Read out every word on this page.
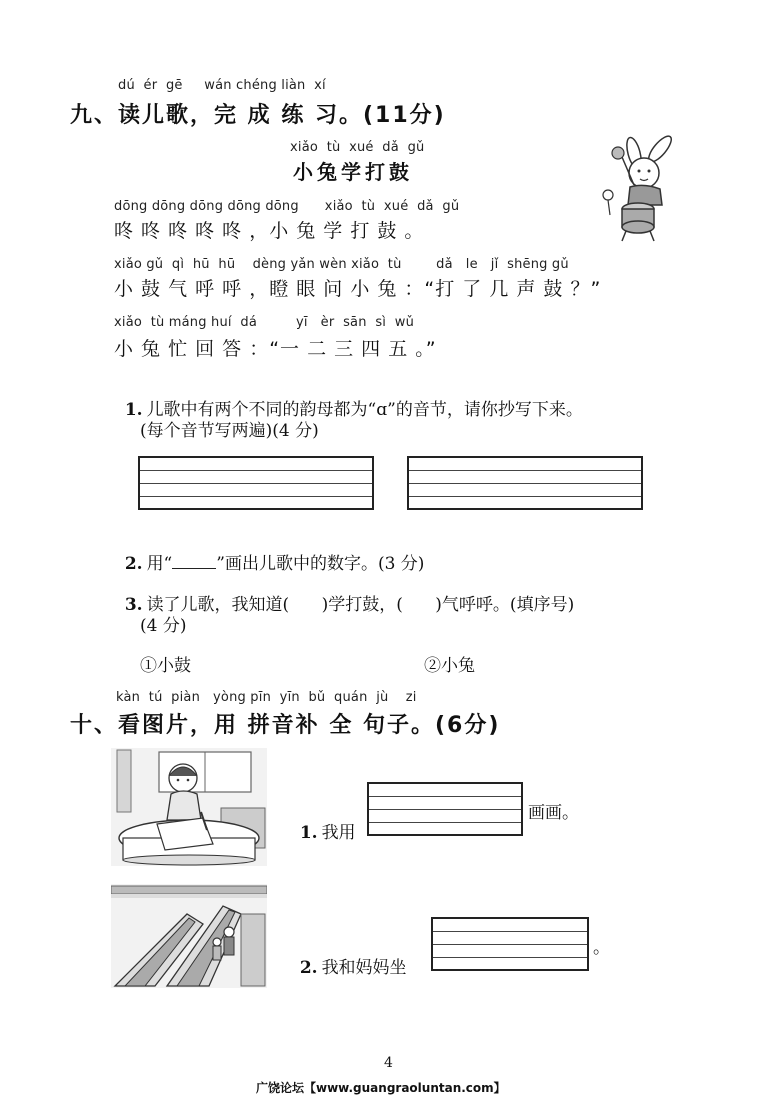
dú  ér  gē     wán chéng liàn  xí
九、读儿歌，完 成 练 习。(11分)
xiǎo  tù  xué  dǎ  gǔ
小兔学打鼓
dōng dōng dōng dōng dōng      xiǎo  tù  xué  dǎ  gǔ
咚 咚 咚 咚 咚 ，小 兔 学 打 鼓 。
xiǎo gǔ  qì  hū  hū    dèng yǎn wèn xiǎo  tù        dǎ   le   jǐ  shēng gǔ
小 鼓 气 呼 呼 ，瞪 眼 问 小 兔 ：“打 了 几 声 鼓 ？”
xiǎo  tù máng huí  dá         yī   èr  sān  sì  wǔ
小 兔 忙 回 答 ：“一 二 三 四 五 。”

1. 儿歌中有两个不同的韵母都为“ɑ”的音节，请你抄写下来。

(每个音节写两遍)(4 分)

2. 用“	”画出儿歌中的数字。(3 分)

3. 读了儿歌，我知道(      )学打鼓，(      )气呼呼。(填序号)

(4 分)
①小鼓	②小兔
kàn  tú  piàn   yòng pīn  yīn  bǔ  quán  jù    zi
十、看图片，用 拼音补 全 句子。(6分)

1. 我用

画画。

2. 我和妈妈坐

。
4
广饶论坛【www.guangraoluntan.com】
